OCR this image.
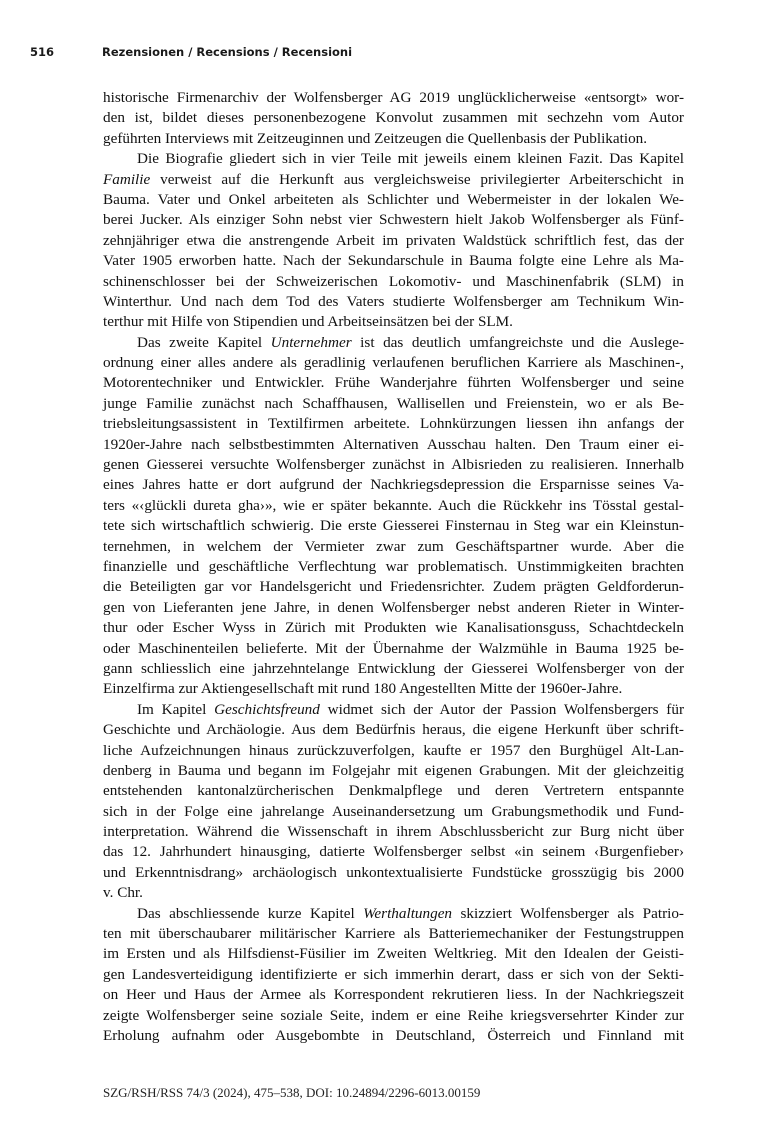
516	Rezensionen / Recensions / Recensioni
historische Firmenarchiv der Wolfensberger AG 2019 unglücklicherweise «entsorgt» wor-
den ist, bildet dieses personenbezogene Konvolut zusammen mit sechzehn vom Autor
geführten Interviews mit Zeitzeuginnen und Zeitzeugen die Quellenbasis der Publikation.
Die Biografie gliedert sich in vier Teile mit jeweils einem kleinen Fazit. Das Kapitel
Familie verweist auf die Herkunft aus vergleichsweise privilegierter Arbeiterschicht in
Bauma. Vater und Onkel arbeiteten als Schlichter und Webermeister in der lokalen We-
berei Jucker. Als einziger Sohn nebst vier Schwestern hielt Jakob Wolfensberger als Fünf-
zehnjähriger etwa die anstrengende Arbeit im privaten Waldstück schriftlich fest, das der
Vater 1905 erworben hatte. Nach der Sekundarschule in Bauma folgte eine Lehre als Ma-
schinenschlosser bei der Schweizerischen Lokomotiv- und Maschinenfabrik (SLM) in
Winterthur. Und nach dem Tod des Vaters studierte Wolfensberger am Technikum Win-
terthur mit Hilfe von Stipendien und Arbeitseinsätzen bei der SLM.
Das zweite Kapitel Unternehmer ist das deutlich umfangreichste und die Auslege-
ordnung einer alles andere als geradlinig verlaufenen beruflichen Karriere als Maschinen-,
Motorentechniker und Entwickler. Frühe Wanderjahre führten Wolfensberger und seine
junge Familie zunächst nach Schaffhausen, Wallisellen und Freienstein, wo er als Be-
triebsleitungsassistent in Textilfirmen arbeitete. Lohnkürzungen liessen ihn anfangs der
1920er-Jahre nach selbstbestimmten Alternativen Ausschau halten. Den Traum einer ei-
genen Giesserei versuchte Wolfensberger zunächst in Albisrieden zu realisieren. Innerhalb
eines Jahres hatte er dort aufgrund der Nachkriegsdepression die Ersparnisse seines Va-
ters «‹glückli dureta gha›», wie er später bekannte. Auch die Rückkehr ins Tösstal gestal-
tete sich wirtschaftlich schwierig. Die erste Giesserei Finsternau in Steg war ein Kleinstun-
ternehmen, in welchem der Vermieter zwar zum Geschäftspartner wurde. Aber die
finanzielle und geschäftliche Verflechtung war problematisch. Unstimmigkeiten brachten
die Beteiligten gar vor Handelsgericht und Friedensrichter. Zudem prägten Geldforderun-
gen von Lieferanten jene Jahre, in denen Wolfensberger nebst anderen Rieter in Winter-
thur oder Escher Wyss in Zürich mit Produkten wie Kanalisationsguss, Schachtdeckeln
oder Maschinenteilen belieferte. Mit der Übernahme der Walzmühle in Bauma 1925 be-
gann schliesslich eine jahrzehntelange Entwicklung der Giesserei Wolfensberger von der
Einzelfirma zur Aktiengesellschaft mit rund 180 Angestellten Mitte der 1960er-Jahre.
Im Kapitel Geschichtsfreund widmet sich der Autor der Passion Wolfensbergers für
Geschichte und Archäologie. Aus dem Bedürfnis heraus, die eigene Herkunft über schrift-
liche Aufzeichnungen hinaus zurückzuverfolgen, kaufte er 1957 den Burghügel Alt-Lan-
denberg in Bauma und begann im Folgejahr mit eigenen Grabungen. Mit der gleichzeitig
entstehenden kantonalzürcherischen Denkmalpflege und deren Vertretern entspannte
sich in der Folge eine jahrelange Auseinandersetzung um Grabungsmethodik und Fund-
interpretation. Während die Wissenschaft in ihrem Abschlussbericht zur Burg nicht über
das 12. Jahrhundert hinausging, datierte Wolfensberger selbst «in seinem ‹Burgenfieber›
und Erkenntnisdrang» archäologisch unkontextualisierte Fundstücke grosszügig bis 2000
v. Chr.
Das abschliessende kurze Kapitel Werthaltungen skizziert Wolfensberger als Patrio-
ten mit überschaubarer militärischer Karriere als Batteriemechaniker der Festungstruppen
im Ersten und als Hilfsdienst-Füsilier im Zweiten Weltkrieg. Mit den Idealen der Geisti-
gen Landesverteidigung identifizierte er sich immerhin derart, dass er sich von der Sekti-
on Heer und Haus der Armee als Korrespondent rekrutieren liess. In der Nachkriegszeit
zeigte Wolfensberger seine soziale Seite, indem er eine Reihe kriegsversehrter Kinder zur
Erholung aufnahm oder Ausgebombte in Deutschland, Österreich und Finnland mit
SZG/RSH/RSS 74/3 (2024), 475–538, DOI: 10.24894/2296-6013.00159
